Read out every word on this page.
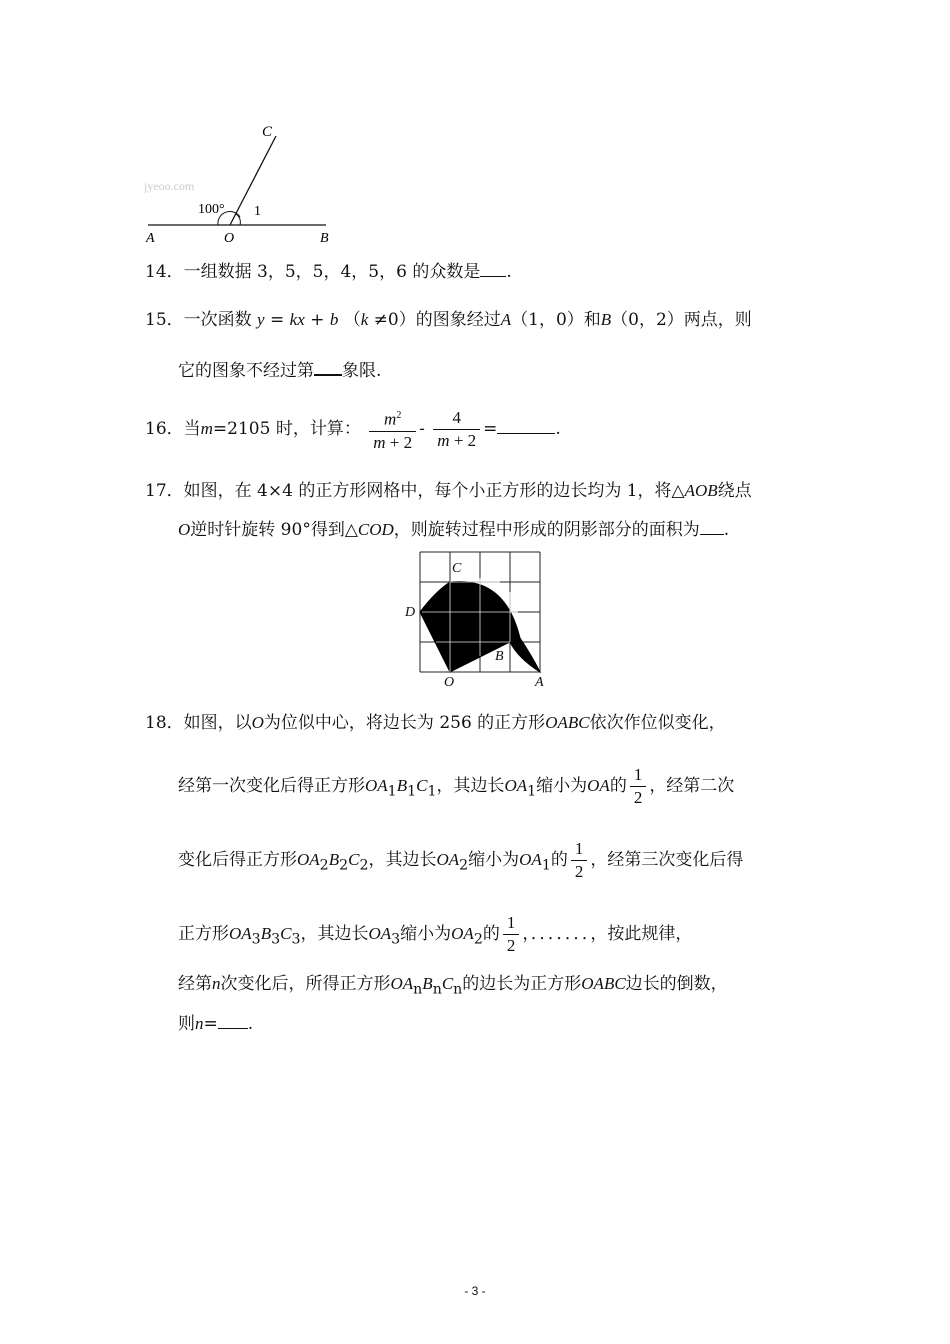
jyeoo.com
C
100° 1
A	O	B
14．一组数据 3，5，5，4，5，6 的众数是 .
15．一次函数 y = kx + b （k ≠0）的图象经过A（1，0）和B（0，2）两点，则
它的图象不经过第 象限.
16．当m=2105 时，计算： $\frac{m^2}{m + 2} - \frac{4}{m + 2}$ =	.
17．如图，在 4×4 的正方形网格中，每个小正方形的边长均为 1，将△AOB绕点
O逆时针旋转 90°得到△COD，则旋转过程中形成的阴影部分的面积为 .
C
D
B
O	A
18．如图，以O为位似中心，将边长为 256 的正方形OABC依次作位似变化，
经第一次变化后得正方形$OA_1B_1C_1$，其边长$OA_1$缩小为OA的 $\frac{1}{2}$ ，经第二次
变化后得正方形$OA_2B_2C_2$，其边长$OA_2$缩小为$OA_1$的 $\frac{1}{2}$ ，经第三次变化后得
正方形$OA_3B_3C_3$，其边长$OA_3$缩小为$OA_2$的 $\frac{1}{2}$ ，．．．．．．．，按此规律，
经第n次变化后，所得正方形$OA_nB_nC_n$的边长为正方形OABC边长的倒数，
则n= .
- 3 -
